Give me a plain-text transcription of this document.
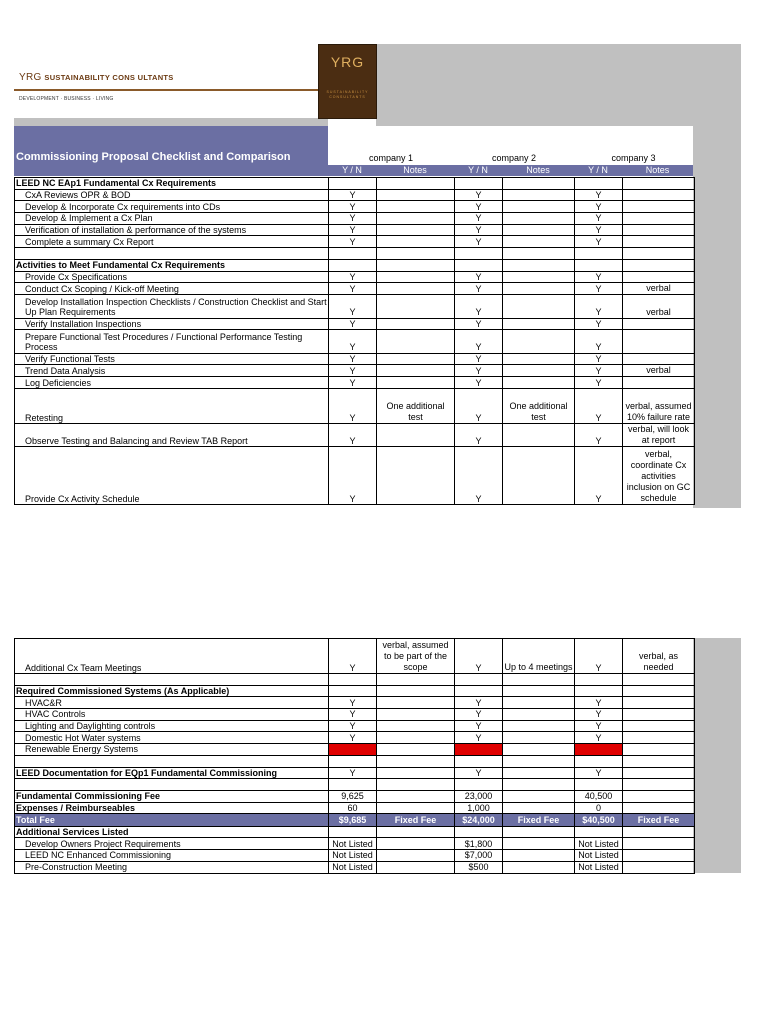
YRG
SUSTAINABILITY CONSULTANTS
YRG SUSTAINABILITY CONS ULTANTS
DEVELOPMENT · BUSINESS · LIVING
Commissioning Proposal Checklist and Comparison	company 1	company 2	company 3
Y / N	Notes	Y / N	Notes	Y / N	Notes
LEED NC EAp1 Fundamental Cx Requirements						
CxA Reviews OPR & BOD	Y		Y		Y	
Develop & Incorporate Cx requirements into CDs	Y		Y		Y	
Develop & Implement a Cx Plan	Y		Y		Y	
Verification of installation & performance of the systems	Y		Y		Y	
Complete a summary Cx Report	Y		Y		Y	

Activities to Meet Fundamental Cx Requirements						
Provide Cx Specifications	Y		Y		Y	
Conduct Cx Scoping / Kick-off Meeting	Y		Y		Y	verbal
Develop Installation Inspection Checklists / Construction Checklist and Start Up Plan Requirements	Y		Y		Y	verbal
Verify Installation Inspections	Y		Y		Y	
Prepare Functional Test Procedures / Functional Performance Testing Process	Y		Y		Y	
Verify Functional Tests	Y		Y		Y	
Trend Data Analysis	Y		Y		Y	verbal
Log Deficiencies	Y		Y		Y	
Retesting	Y	One additional test	Y	One additional test	Y	verbal, assumed 10% failure rate
Observe Testing and Balancing and Review TAB Report	Y		Y		Y	verbal, will look at report
Provide Cx Activity Schedule	Y		Y		Y	verbal, coordinate Cx activities inclusion on GC schedule
Additional Cx Team Meetings	Y	verbal, assumed to be part of the scope	Y	Up to 4 meetings	Y	verbal, as needed

Required Commissioned Systems (As Applicable)						
HVAC&R	Y		Y		Y	
HVAC Controls	Y		Y		Y	
Lighting and Daylighting controls	Y		Y		Y	
Domestic Hot Water systems	Y		Y		Y	
Renewable Energy Systems	N		N		N	

LEED Documentation for EQp1 Fundamental Commissioning	Y		Y		Y	

Fundamental Commissioning Fee	9,625		23,000		40,500	
Expenses / Reimburseables	60		1,000		0	
Total Fee	$9,685	Fixed Fee	$24,000	Fixed Fee	$40,500	Fixed Fee
Additional Services Listed						
Develop Owners Project Requirements	Not Listed		$1,800		Not Listed	
LEED NC Enhanced Commissioning	Not Listed		$7,000		Not Listed	
Pre-Construction Meeting	Not Listed		$500		Not Listed	
